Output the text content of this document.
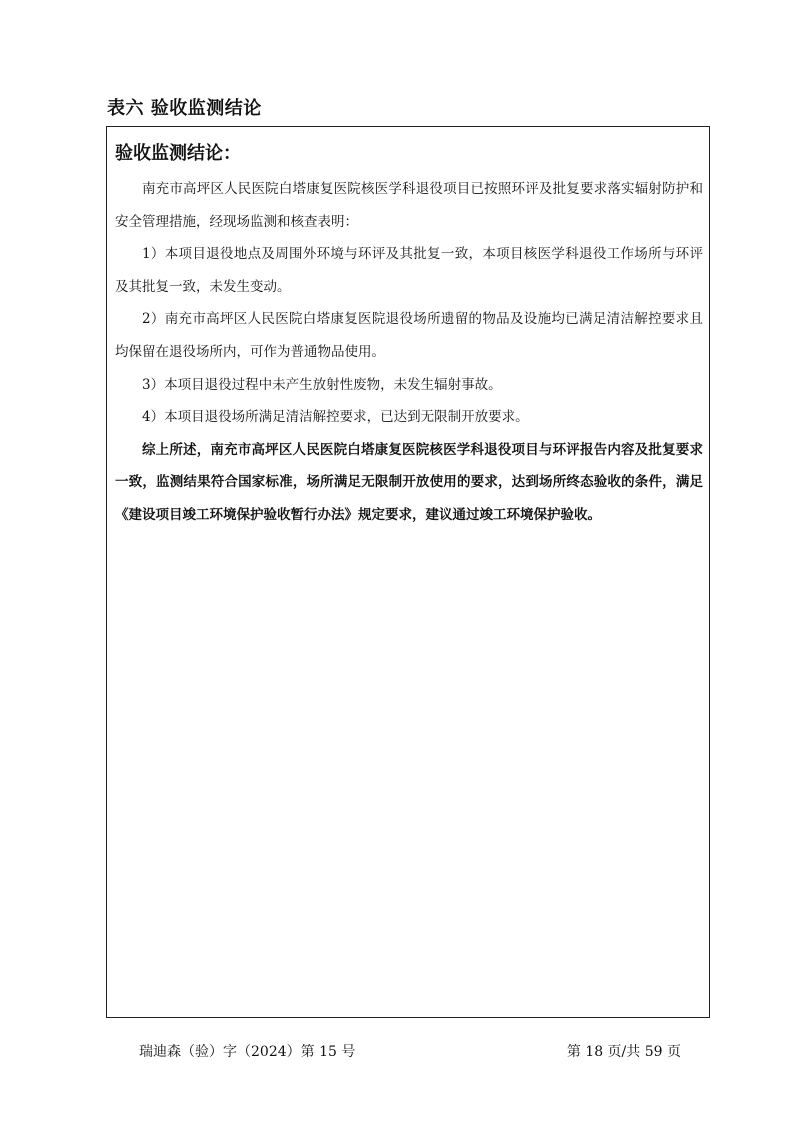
表六 验收监测结论
验收监测结论：

南充市高坪区人民医院白塔康复医院核医学科退役项目已按照环评及批复要求落实辐射防护和安全管理措施，经现场监测和核查表明：

1）本项目退役地点及周围外环境与环评及其批复一致，本项目核医学科退役工作场所与环评及其批复一致，未发生变动。

2）南充市高坪区人民医院白塔康复医院退役场所遗留的物品及设施均已满足清洁解控要求且均保留在退役场所内，可作为普通物品使用。

3）本项目退役过程中未产生放射性废物，未发生辐射事故。

4）本项目退役场所满足清洁解控要求，已达到无限制开放要求。

综上所述，南充市高坪区人民医院白塔康复医院核医学科退役项目与环评报告内容及批复要求一致，监测结果符合国家标准，场所满足无限制开放使用的要求，达到场所终态验收的条件，满足《建设项目竣工环境保护验收暂行办法》规定要求，建议通过竣工环境保护验收。

瑞迪森（验）字（2024）第 15 号	第 18 页/共 59 页
